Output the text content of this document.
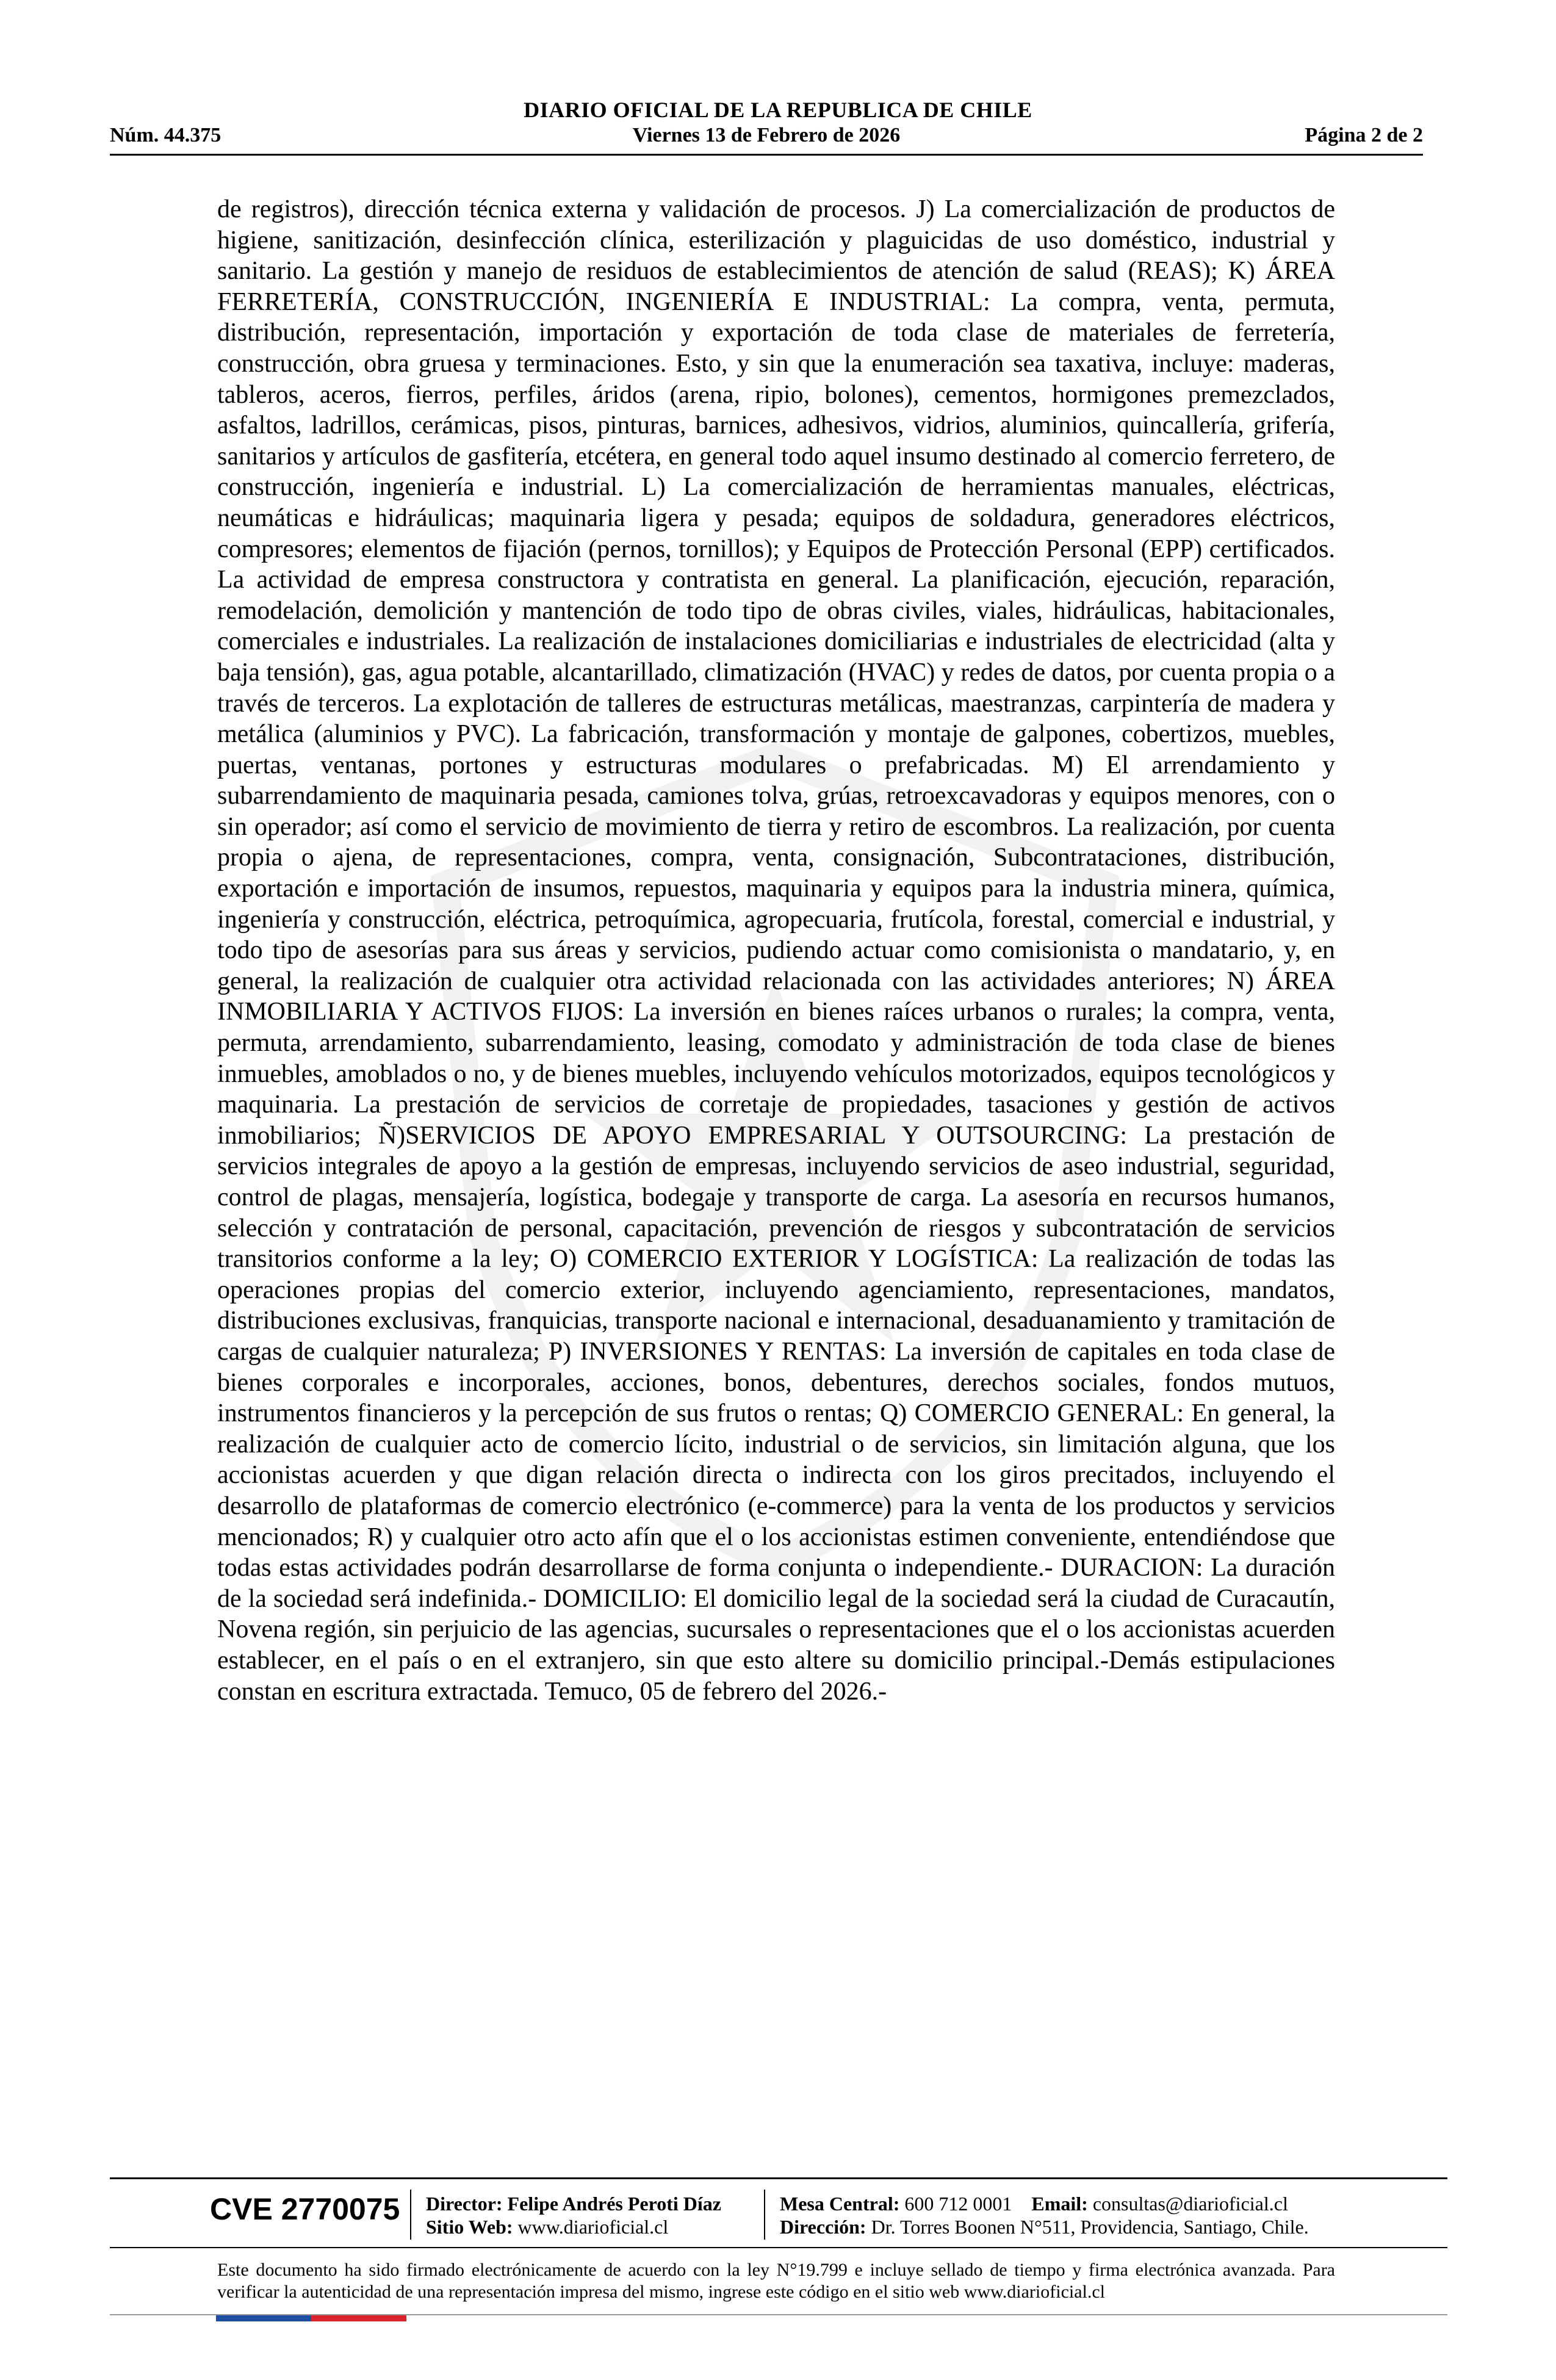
DIARIO OFICIAL DE LA REPUBLICA DE CHILE
Núm. 44.375	Viernes 13 de Febrero de 2026	Página 2 de 2
de registros), dirección técnica externa y validación de procesos. J) La comercialización de productos de higiene, sanitización, desinfección clínica, esterilización y plaguicidas de uso doméstico, industrial y sanitario. La gestión y manejo de residuos de establecimientos de atención de salud (REAS); K) ÁREA FERRETERÍA, CONSTRUCCIÓN, INGENIERÍA E INDUSTRIAL: La compra, venta, permuta, distribución, representación, importación y exportación de toda clase de materiales de ferretería, construcción, obra gruesa y terminaciones. Esto, y sin que la enumeración sea taxativa, incluye: maderas, tableros, aceros, fierros, perfiles, áridos (arena, ripio, bolones), cementos, hormigones premezclados, asfaltos, ladrillos, cerámicas, pisos, pinturas, barnices, adhesivos, vidrios, aluminios, quincallería, grifería, sanitarios y artículos de gasfitería, etcétera, en general todo aquel insumo destinado al comercio ferretero, de construcción, ingeniería e industrial. L) La comercialización de herramientas manuales, eléctricas, neumáticas e hidráulicas; maquinaria ligera y pesada; equipos de soldadura, generadores eléctricos, compresores; elementos de fijación (pernos, tornillos); y Equipos de Protección Personal (EPP) certificados. La actividad de empresa constructora y contratista en general. La planificación, ejecución, reparación, remodelación, demolición y mantención de todo tipo de obras civiles, viales, hidráulicas, habitacionales, comerciales e industriales. La realización de instalaciones domiciliarias e industriales de electricidad (alta y baja tensión), gas, agua potable, alcantarillado, climatización (HVAC) y redes de datos, por cuenta propia o a través de terceros. La explotación de talleres de estructuras metálicas, maestranzas, carpintería de madera y metálica (aluminios y PVC). La fabricación, transformación y montaje de galpones, cobertizos, muebles, puertas, ventanas, portones y estructuras modulares o prefabricadas. M) El arrendamiento y subarrendamiento de maquinaria pesada, camiones tolva, grúas, retroexcavadoras y equipos menores, con o sin operador; así como el servicio de movimiento de tierra y retiro de escombros. La realización, por cuenta propia o ajena, de representaciones, compra, venta, consignación, Subcontrataciones, distribución, exportación e importación de insumos, repuestos, maquinaria y equipos para la industria minera, química, ingeniería y construcción, eléctrica, petroquímica, agropecuaria, frutícola, forestal, comercial e industrial, y todo tipo de asesorías para sus áreas y servicios, pudiendo actuar como comisionista o mandatario, y, en general, la realización de cualquier otra actividad relacionada con las actividades anteriores; N) ÁREA INMOBILIARIA Y ACTIVOS FIJOS: La inversión en bienes raíces urbanos o rurales; la compra, venta, permuta, arrendamiento, subarrendamiento, leasing, comodato y administración de toda clase de bienes inmuebles, amoblados o no, y de bienes muebles, incluyendo vehículos motorizados, equipos tecnológicos y maquinaria. La prestación de servicios de corretaje de propiedades, tasaciones y gestión de activos inmobiliarios; Ñ)SERVICIOS DE APOYO EMPRESARIAL Y OUTSOURCING: La prestación de servicios integrales de apoyo a la gestión de empresas, incluyendo servicios de aseo industrial, seguridad, control de plagas, mensajería, logística, bodegaje y transporte de carga. La asesoría en recursos humanos, selección y contratación de personal, capacitación, prevención de riesgos y subcontratación de servicios transitorios conforme a la ley; O) COMERCIO EXTERIOR Y LOGÍSTICA: La realización de todas las operaciones propias del comercio exterior, incluyendo agenciamiento, representaciones, mandatos, distribuciones exclusivas, franquicias, transporte nacional e internacional, desaduanamiento y tramitación de cargas de cualquier naturaleza; P) INVERSIONES Y RENTAS: La inversión de capitales en toda clase de bienes corporales e incorporales, acciones, bonos, debentures, derechos sociales, fondos mutuos, instrumentos financieros y la percepción de sus frutos o rentas; Q) COMERCIO GENERAL: En general, la realización de cualquier acto de comercio lícito, industrial o de servicios, sin limitación alguna, que los accionistas acuerden y que digan relación directa o indirecta con los giros precitados, incluyendo el desarrollo de plataformas de comercio electrónico (e-commerce) para la venta de los productos y servicios mencionados; R) y cualquier otro acto afín que el o los accionistas estimen conveniente, entendiéndose que todas estas actividades podrán desarrollarse de forma conjunta o independiente.- DURACION: La duración de la sociedad será indefinida.- DOMICILIO: El domicilio legal de la sociedad será la ciudad de Curacautín, Novena región, sin perjuicio de las agencias, sucursales o representaciones que el o los accionistas acuerden establecer, en el país o en el extranjero, sin que esto altere su domicilio principal.-Demás estipulaciones constan en escritura extractada. Temuco, 05 de febrero del 2026.-
CVE 2770075 Director: Felipe Andrés Peroti Díaz
Sitio Web: www.diarioficial.cl
Mesa Central: 600 712 0001 Email: consultas@diarioficial.cl
Dirección: Dr. Torres Boonen N°511, Providencia, Santiago, Chile.
Este documento ha sido firmado electrónicamente de acuerdo con la ley N°19.799 e incluye sellado de tiempo y firma electrónica avanzada. Para verificar la autenticidad de una representación impresa del mismo, ingrese este código en el sitio web www.diarioficial.cl
